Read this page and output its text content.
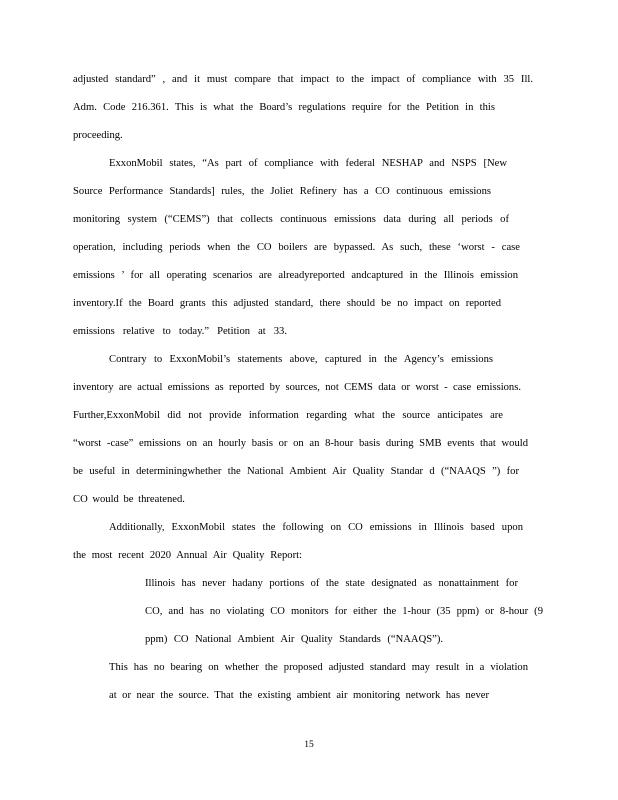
adjusted standard” , and it must compare that impact to the impact of compliance with 35 Ill.
Adm. Code 216.361. This is what the Board’s regulations require for the Petition in this
proceeding.
ExxonMobil states, “As part of compliance with federal NESHAP and NSPS [New
Source Performance Standards] rules, the Joliet Refinery has a CO continuous emissions
monitoring system (“CEMS”) that collects continuous emissions data during all periods of
operation, including periods when the CO boilers are bypassed. As such, these ‘worst - case
emissions ’ for all operating scenarios are alreadyreported andcaptured in the Illinois emission
inventory.If the Board grants this adjusted standard, there should be no impact on reported
emissions relative to today.” Petition at 33.
Contrary to ExxonMobil’s statements above, captured in the Agency’s emissions
inventory are actual emissions as reported by sources, not CEMS data or worst - case emissions.
Further,ExxonMobil did not provide information regarding what the source anticipates are
“worst -case” emissions on an hourly basis or on an 8-hour basis during SMB events that would
be useful in determiningwhether the National Ambient Air Quality Standar d (“NAAQS ”) for
CO would be threatened.
Additionally, ExxonMobil states the following on CO emissions in Illinois based upon
the most recent 2020 Annual Air Quality Report:
Illinois has never hadany portions of the state designated as nonattainment for
CO, and has no violating CO monitors for either the 1-hour (35 ppm) or 8-hour (9
ppm) CO National Ambient Air Quality Standards (“NAAQS”).
This has no bearing on whether the proposed adjusted standard may result in a violation
at or near the source. That the existing ambient air monitoring network has never
15
